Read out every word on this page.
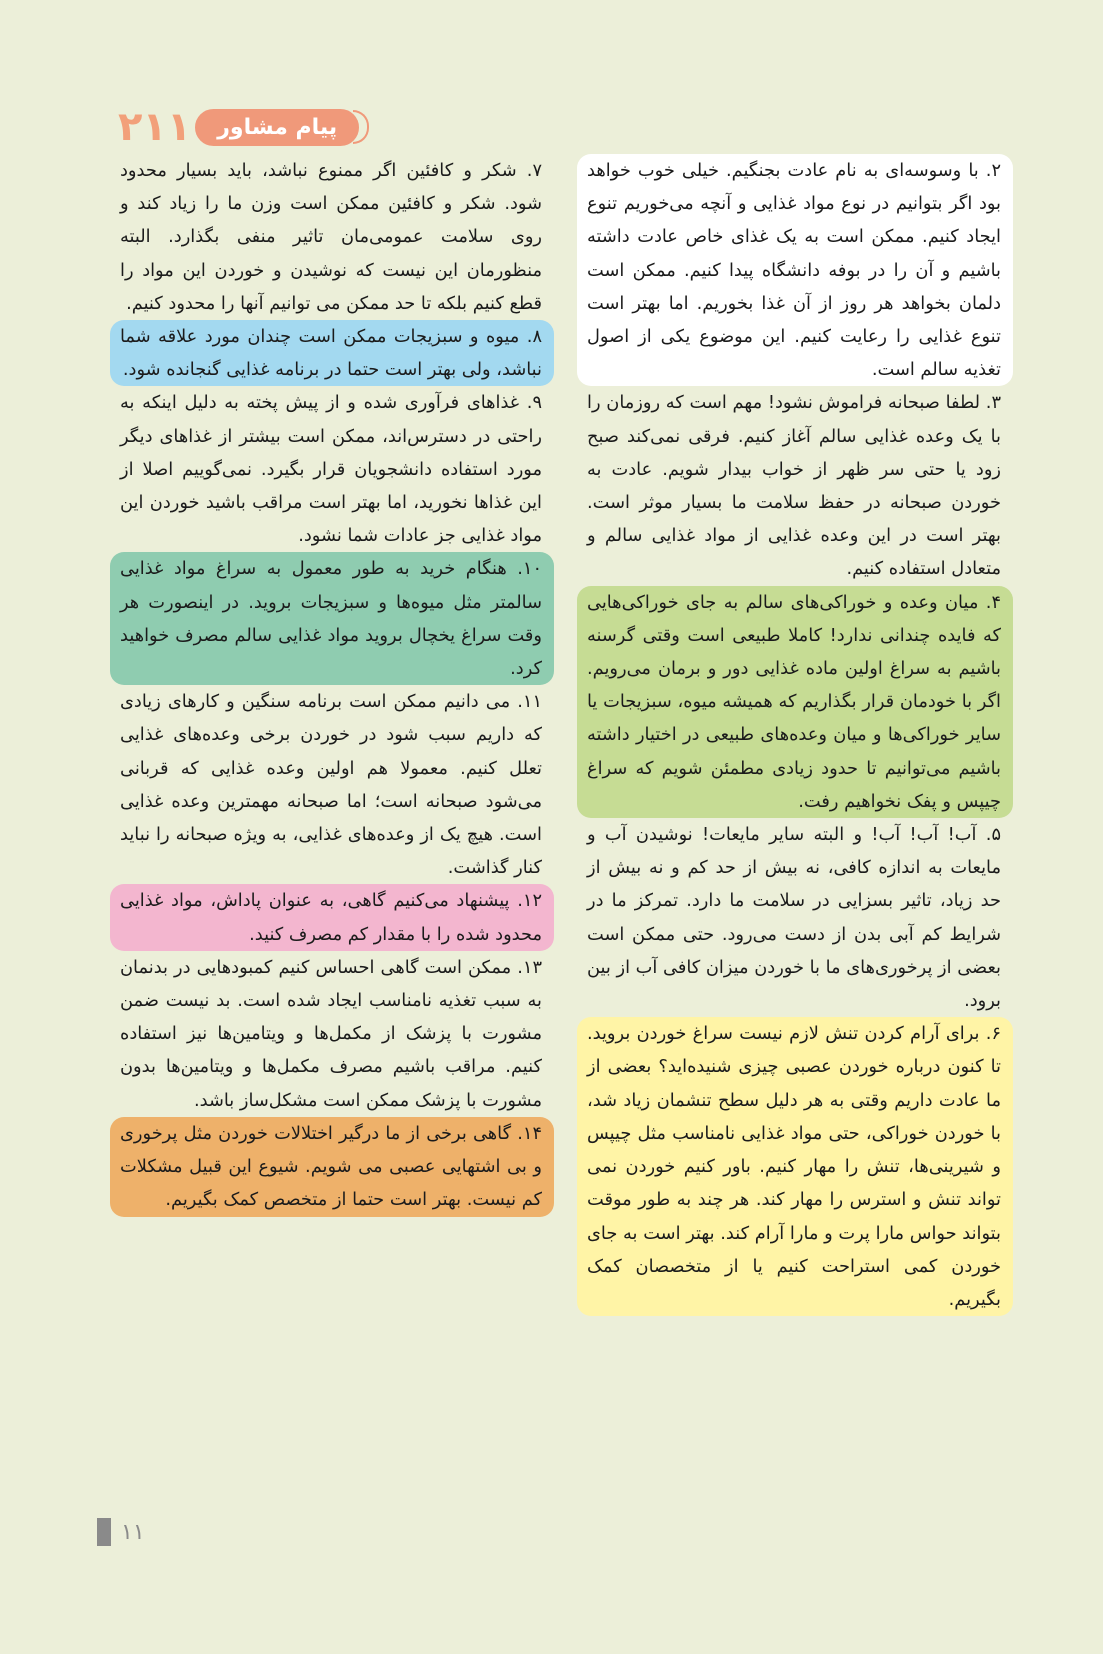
۲۱۱	پیام مشاور

۲. با وسوسه‌ای به نام عادت بجنگیم. خیلی خوب خواهد بود اگر بتوانیم در نوع مواد غذایی و آنچه می‌خوریم تنوع ایجاد کنیم. ممکن است به یک غذای خاص عادت داشته باشیم و آن را در بوفه دانشگاه پیدا کنیم. ممکن است دلمان بخواهد هر روز از آن غذا بخوریم. اما بهتر است تنوع غذایی را رعایت کنیم. این موضوع یکی از اصول تغذیه سالم است.

۳. لطفا صبحانه فراموش نشود! مهم است که روزمان را با یک وعده غذایی سالم آغاز کنیم. فرقی نمی‌کند صبح زود یا حتی سر ظهر از خواب بیدار شویم. عادت به خوردن صبحانه در حفظ سلامت ما بسیار موثر است. بهتر است در این وعده غذایی از مواد غذایی سالم و متعادل استفاده کنیم.

۴. میان وعده و خوراکی‌های سالم به جای خوراکی‌هایی که فایده چندانی ندارد! کاملا طبیعی است وقتی گرسنه باشیم به سراغ اولین ماده غذایی دور و برمان می‌رویم. اگر با خودمان قرار بگذاریم که همیشه میوه، سبزیجات یا سایر خوراکی‌ها و میان وعده‌های طبیعی در اختیار داشته باشیم می‌توانیم تا حدود زیادی مطمئن شویم که سراغ چیپس و پفک نخواهیم رفت.

۵. آب! آب! آب! و البته سایر مایعات! نوشیدن آب و مایعات به اندازه کافی، نه بیش از حد کم و نه بیش از حد زیاد، تاثیر بسزایی در سلامت ما دارد. تمرکز ما در شرایط کم آبی بدن از دست می‌رود. حتی ممکن است بعضی از پرخوری‌های ما با خوردن میزان کافی آب از بین برود.

۶. برای آرام کردن تنش لازم نیست سراغ خوردن بروید. تا کنون درباره خوردن عصبی چیزی شنیده‌اید؟ بعضی از ما عادت داریم وقتی به هر دلیل سطح تنشمان زیاد شد، با خوردن خوراکی، حتی مواد غذایی نامناسب مثل چیپس و شیرینی‌ها، تنش را مهار کنیم. باور کنیم خوردن نمی تواند تنش و استرس را مهار کند. هر چند به طور موقت بتواند حواس مارا پرت و مارا آرام کند. بهتر است به جای خوردن کمی استراحت کنیم یا از متخصصان کمک بگیریم.

۷. شکر و کافئین اگر ممنوع نباشد، باید بسیار محدود شود. شکر و کافئین ممکن است وزن ما را زیاد کند و روی سلامت عمومی‌مان تاثیر منفی بگذارد. البته منظورمان این نیست که نوشیدن و خوردن این مواد را قطع کنیم بلکه تا حد ممکن می توانیم آنها را محدود کنیم.

۸. میوه و سبزیجات ممکن است چندان مورد علاقه شما نباشد، ولی بهتر است حتما در برنامه غذایی گنجانده شود.

۹. غذاهای فرآوری شده و از پیش پخته به دلیل اینکه به راحتی در دسترس‌اند، ممکن است بیشتر از غذاهای دیگر مورد استفاده دانشجویان قرار بگیرد. نمی‌گوییم اصلا از این غذاها نخورید، اما بهتر است مراقب باشید خوردن این مواد غذایی جز عادات شما نشود.

۱۰. هنگام خرید به طور معمول به سراغ مواد غذایی سالمتر مثل میوه‌ها و سبزیجات بروید. در اینصورت هر وقت سراغ یخچال بروید مواد غذایی سالم مصرف خواهید کرد.

۱۱. می دانیم ممکن است برنامه سنگین و کارهای زیادی که داریم سبب شود در خوردن برخی وعده‌های غذایی تعلل کنیم. معمولا هم اولین وعده غذایی که قربانی می‌شود صبحانه است؛ اما صبحانه مهمترین وعده غذایی است. هیچ یک از وعده‌های غذایی، به ویژه صبحانه را نباید کنار گذاشت.

۱۲. پیشنهاد می‌کنیم گاهی، به عنوان پاداش، مواد غذایی محدود شده را با مقدار کم مصرف کنید.

۱۳. ممکن است گاهی احساس کنیم کمبودهایی در بدنمان به سبب تغذیه نامناسب ایجاد شده است. بد نیست ضمن مشورت با پزشک از مکمل‌ها و ویتامین‌ها نیز استفاده کنیم. مراقب باشیم مصرف مکمل‌ها و ویتامین‌ها بدون مشورت با پزشک ممکن است مشکل‌ساز باشد.

۱۴. گاهی برخی از ما درگیر اختلالات خوردن مثل پرخوری و بی اشتهایی عصبی می شویم. شیوع این قبیل مشکلات کم نیست. بهتر است حتما از متخصص کمک بگیریم.

۱۱
